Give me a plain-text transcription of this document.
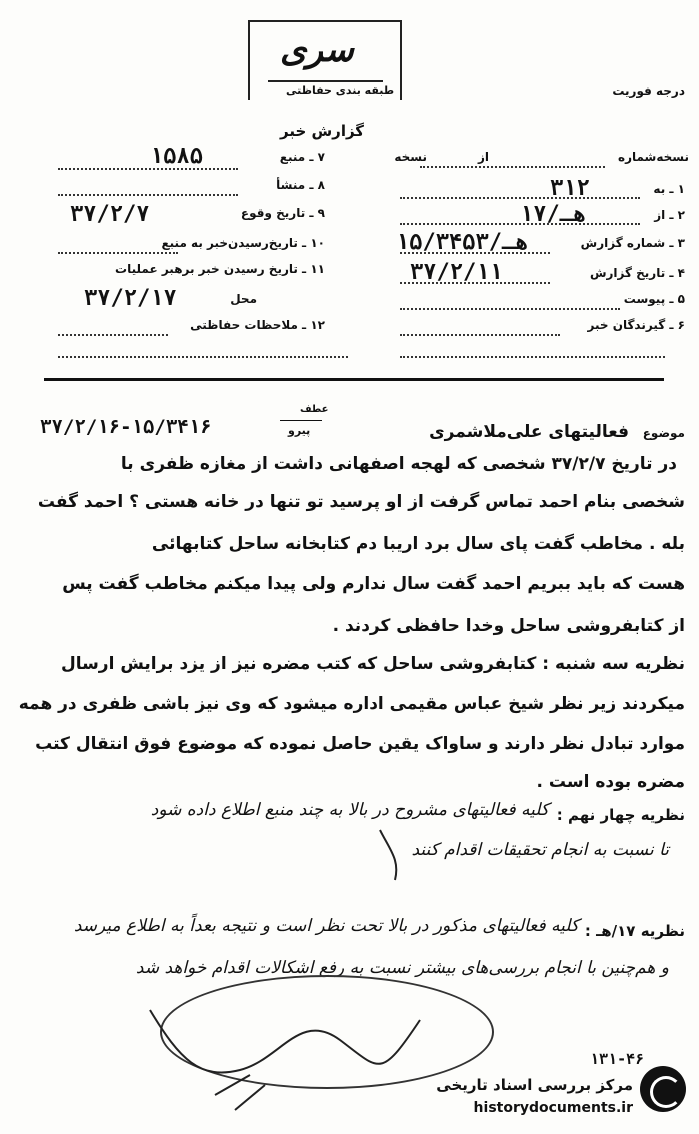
سری
طبقه بندی حفاظتی	درجه فوریت
گزارش خبر
نسخه‌شماره
از
نسخه
۱ ـ به
۳۱۲
۲ ـ از
۱۷/هـ
۳ ـ شماره گزارش
۱۵/هـ/۳۴۵۳
۴ ـ تاریخ گزارش
۳۷/۲/۱۱
۵ ـ پیوست
۶ ـ گیرندگان خبر
۷ ـ منبع
۱۵۸۵
۸ ـ منشأ
۹ ـ تاریخ وقوع
۳۷/۲/۷
۱۰ ـ تاریخ‌رسیدن‌خبر به منبع
۱۱ ـ تاریخ رسیدن خبر برهبر عملیات
محل
۳۷/۲/۱۷
۱۲ ـ ملاحظات حفاظتی
موضوع
فعالیتهای علی‌ملاشمری
عطف
پیرو
۳۷/۲/۱۶-۱۵/۳۴۱۶
در تاریخ ۳۷/۲/۷ شخصی که لهجه اصفهانی داشت از مغازه ظفری با
شخصی بنام احمد تماس گرفت از او پرسید تو تنها در خانه هستی ؟ احمد گفت
بله . مخاطب گفت پای سال برد اریبا دم کتابخانه ساحل کتابهائی
هست که باید ببریم احمد گفت سال ندارم ولی پیدا میکنم مخاطب گفت پس
از کتابفروشی ساحل وخدا حافظی کردند .
نظریه سه شنبه : کتابفروشی ساحل که کتب مضره نیز از یزد برایش ارسال
میکردند زیر نظر شیخ عباس مقیمی اداره میشود که وی نیز باشی ظفری در همه
موارد تبادل نظر دارند و ساواک یقین حاصل نموده که موضوع فوق انتقال کتب
مضره بوده است .
نظریه چهار نهم :
کلیه فعالیتهای مشروح در بالا به چند منبع اطلاع داده شود
تا نسبت به انجام تحقیقات اقدام کنند
نظریه ۱۷/هـ :
کلیه فعالیتهای مذکور در بالا تحت نظر است و نتیجه بعداً به اطلاع میرسد
و هم‌چنین با انجام بررسی‌های بیشتر نسبت به رفع اشکالات اقدام خواهد شد
۱۳۱-۴۶
مرکز بررسی اسناد تاریخی
historydocuments.ir
